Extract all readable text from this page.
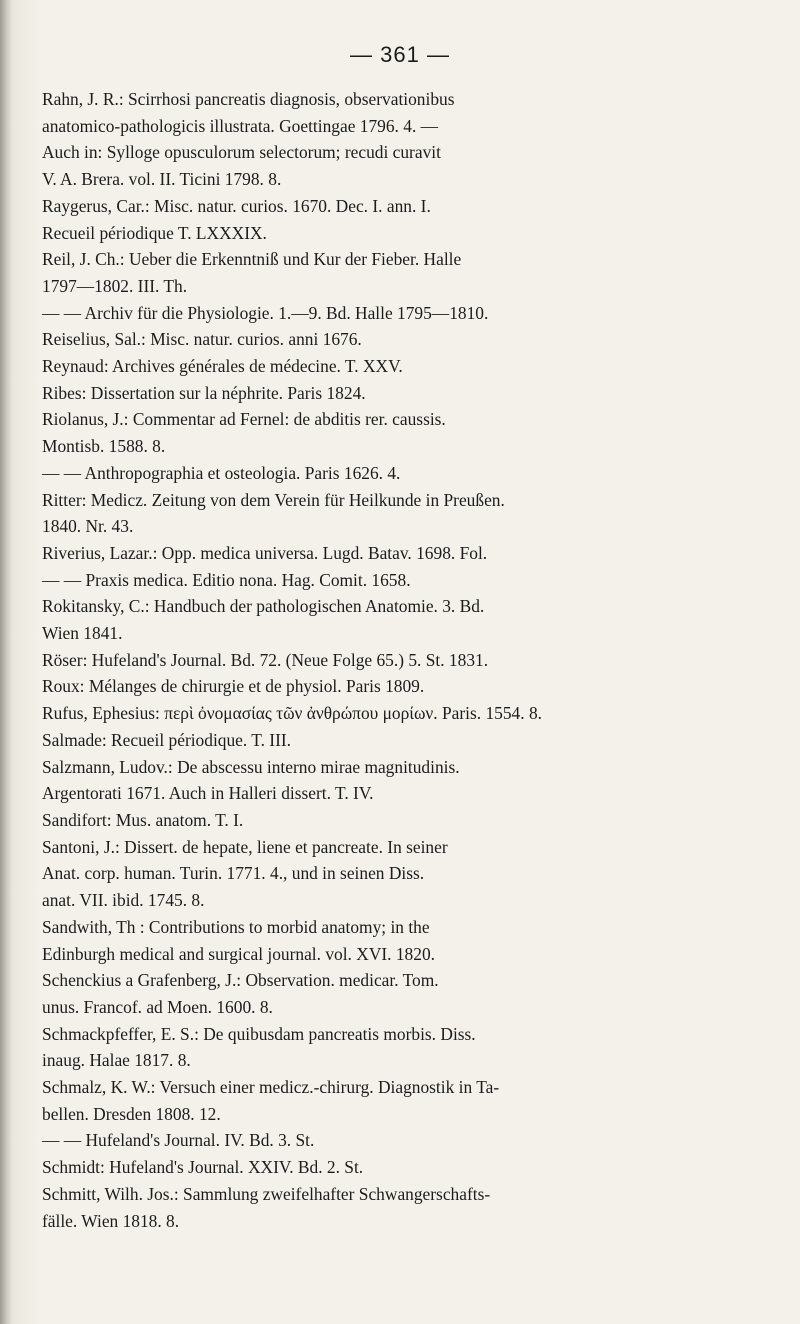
— 361 —
Rahn, J. R.: Scirrhosi pancreatis diagnosis, observationibus
anatomico-pathologicis illustrata. Goettingae 1796. 4. —
Auch in: Sylloge opusculorum selectorum; recudi curavit
V. A. Brera. vol. II. Ticini 1798. 8.
Raygerus, Car.: Misc. natur. curios. 1670. Dec. I. ann. I.
Recueil périodique T. LXXXIX.
Reil, J. Ch.: Ueber die Erkenntniß und Kur der Fieber. Halle
1797—1802. III. Th.
— — Archiv für die Physiologie. 1.—9. Bd. Halle 1795—1810.
Reiselius, Sal.: Misc. natur. curios. anni 1676.
Reynaud: Archives générales de médecine. T. XXV.
Ribes: Dissertation sur la néphrite. Paris 1824.
Riolanus, J.: Commentar ad Fernel: de abditis rer. caussis.
Montisb. 1588. 8.
— — Anthropographia et osteologia. Paris 1626. 4.
Ritter: Medicz. Zeitung von dem Verein für Heilkunde in Preußen.
1840. Nr. 43.
Riverius, Lazar.: Opp. medica universa. Lugd. Batav. 1698. Fol.
— — Praxis medica. Editio nona. Hag. Comit. 1658.
Rokitansky, C.: Handbuch der pathologischen Anatomie. 3. Bd.
Wien 1841.
Röser: Hufeland's Journal. Bd. 72. (Neue Folge 65.) 5. St. 1831.
Roux: Mélanges de chirurgie et de physiol. Paris 1809.
Rufus, Ephesius: περὶ ὀνομασίας τῶν ἀνθρώπου μορίων. Paris. 1554. 8.
Salmade: Recueil périodique. T. III.
Salzmann, Ludov.: De abscessu interno mirae magnitudinis.
Argentorati 1671. Auch in Halleri dissert. T. IV.
Sandifort: Mus. anatom. T. I.
Santoni, J.: Dissert. de hepate, liene et pancreate. In seiner
Anat. corp. human. Turin. 1771. 4., und in seinen Diss.
anat. VII. ibid. 1745. 8.
Sandwith, Th : Contributions to morbid anatomy; in the
Edinburgh medical and surgical journal. vol. XVI. 1820.
Schenckius a Grafenberg, J.: Observation. medicar. Tom.
unus. Francof. ad Moen. 1600. 8.
Schmackpfeffer, E. S.: De quibusdam pancreatis morbis. Diss.
inaug. Halae 1817. 8.
Schmalz, K. W.: Versuch einer medicz.-chirurg. Diagnostik in Ta-
bellen. Dresden 1808. 12.
— — Hufeland's Journal. IV. Bd. 3. St.
Schmidt: Hufeland's Journal. XXIV. Bd. 2. St.
Schmitt, Wilh. Jos.: Sammlung zweifelhafter Schwangerschafts-
fälle. Wien 1818. 8.
